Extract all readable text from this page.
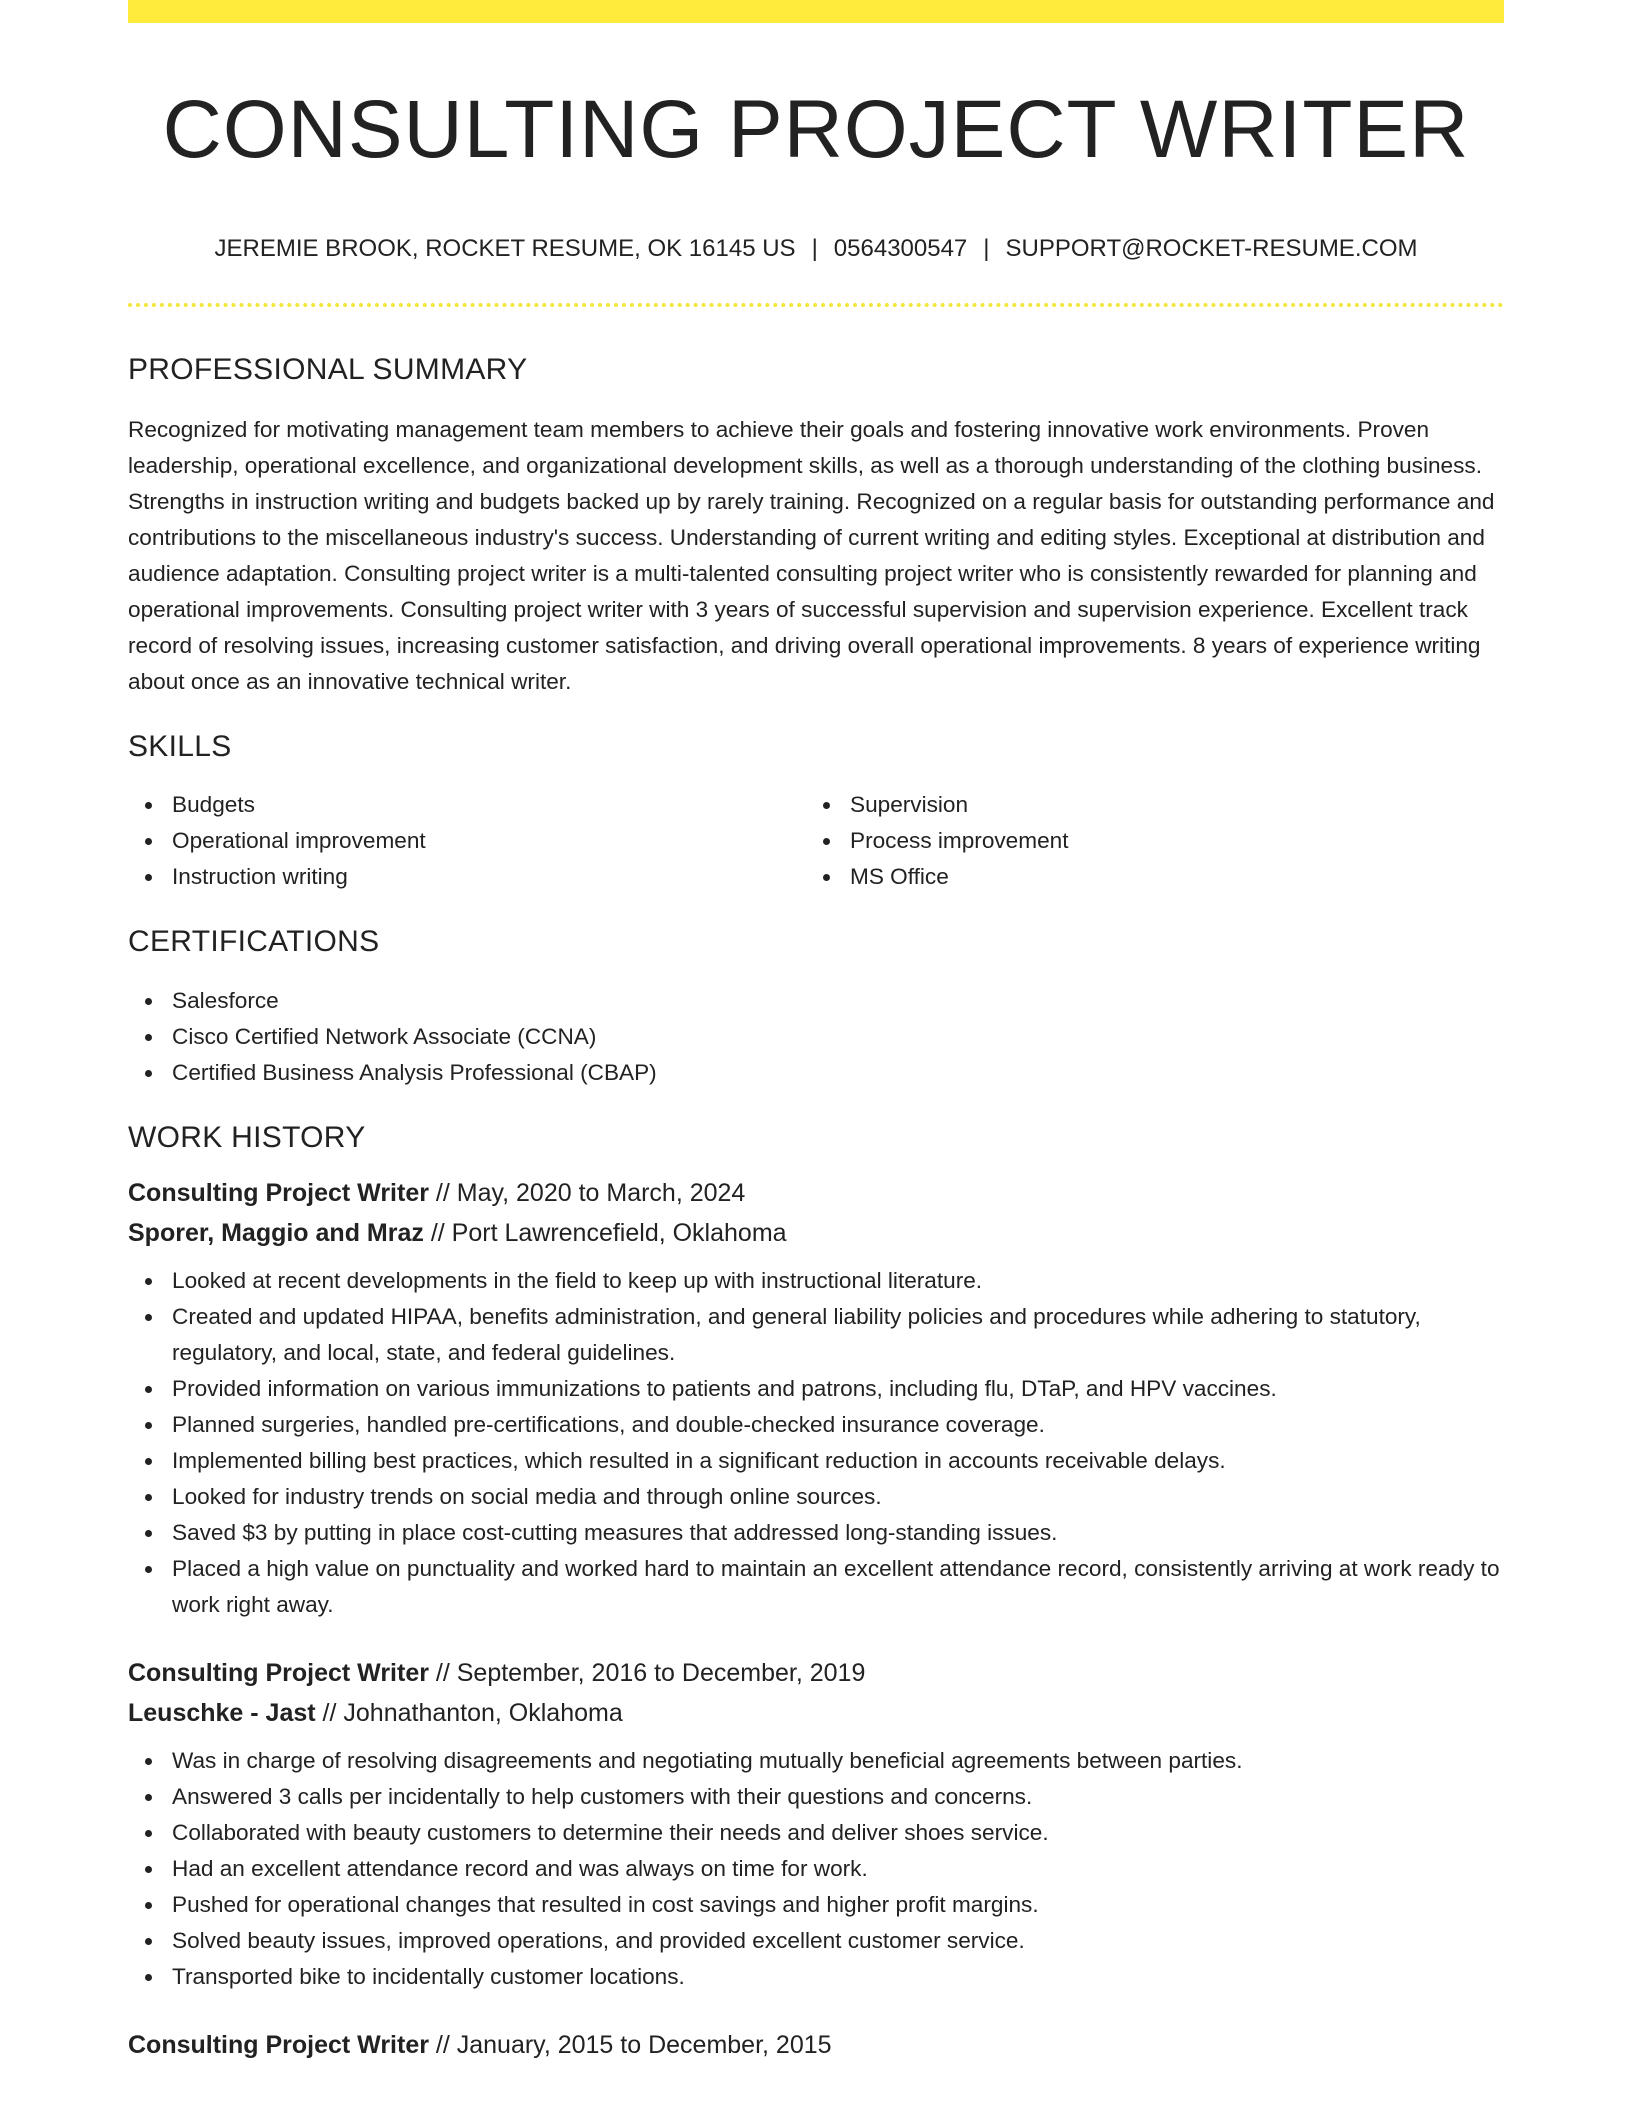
CONSULTING PROJECT WRITER
JEREMIE BROOK, ROCKET RESUME, OK 16145 US | 0564300547 | SUPPORT@ROCKET-RESUME.COM
PROFESSIONAL SUMMARY

Recognized for motivating management team members to achieve their goals and fostering innovative work environments. Proven leadership, operational excellence, and organizational development skills, as well as a thorough understanding of the clothing business. Strengths in instruction writing and budgets backed up by rarely training. Recognized on a regular basis for outstanding performance and contributions to the miscellaneous industry's success. Understanding of current writing and editing styles. Exceptional at distribution and audience adaptation. Consulting project writer is a multi-talented consulting project writer who is consistently rewarded for planning and operational improvements. Consulting project writer with 3 years of successful supervision and supervision experience. Excellent track record of resolving issues, increasing customer satisfaction, and driving overall operational improvements. 8 years of experience writing about once as an innovative technical writer.

SKILLS
Budgets
Operational improvement
Instruction writing
Supervision
Process improvement
MS Office
CERTIFICATIONS
Salesforce
Cisco Certified Network Associate (CCNA)
Certified Business Analysis Professional (CBAP)
WORK HISTORY
Consulting Project Writer // May, 2020 to March, 2024
Sporer, Maggio and Mraz // Port Lawrencefield, Oklahoma
Looked at recent developments in the field to keep up with instructional literature.
Created and updated HIPAA, benefits administration, and general liability policies and procedures while adhering to statutory, regulatory, and local, state, and federal guidelines.
Provided information on various immunizations to patients and patrons, including flu, DTaP, and HPV vaccines.
Planned surgeries, handled pre-certifications, and double-checked insurance coverage.
Implemented billing best practices, which resulted in a significant reduction in accounts receivable delays.
Looked for industry trends on social media and through online sources.
Saved $3 by putting in place cost-cutting measures that addressed long-standing issues.
Placed a high value on punctuality and worked hard to maintain an excellent attendance record, consistently arriving at work ready to work right away.
Consulting Project Writer // September, 2016 to December, 2019
Leuschke - Jast // Johnathanton, Oklahoma
Was in charge of resolving disagreements and negotiating mutually beneficial agreements between parties.
Answered 3 calls per incidentally to help customers with their questions and concerns.
Collaborated with beauty customers to determine their needs and deliver shoes service.
Had an excellent attendance record and was always on time for work.
Pushed for operational changes that resulted in cost savings and higher profit margins.
Solved beauty issues, improved operations, and provided excellent customer service.
Transported bike to incidentally customer locations.
Consulting Project Writer // January, 2015 to December, 2015
